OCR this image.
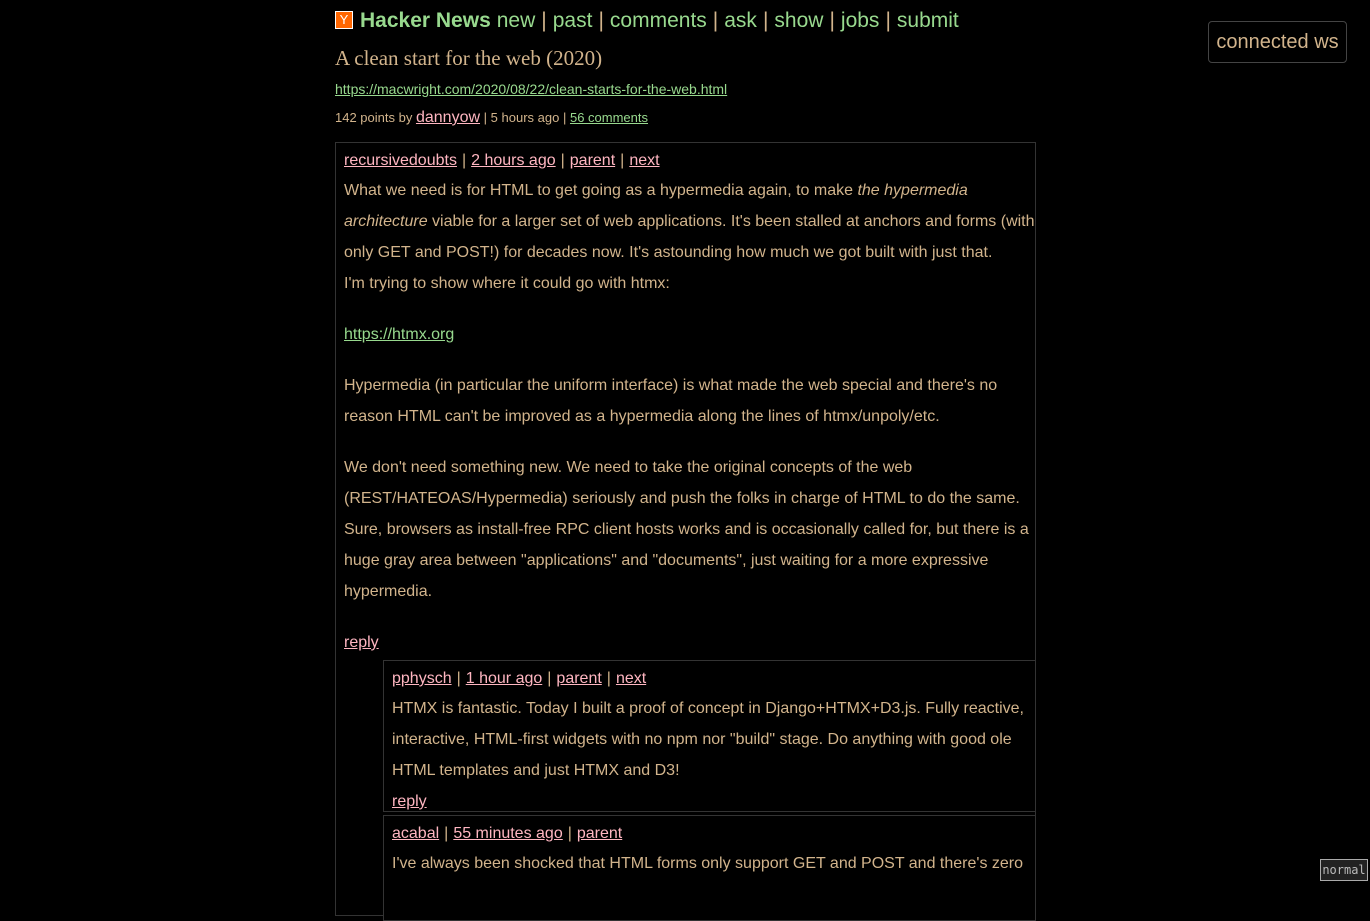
Y Hacker News new | past | comments | ask | show | jobs | submit
A clean start for the web (2020)
https://macwright.com/2020/08/22/clean-starts-for-the-web.html
142 points by dannyow | 5 hours ago | 56 comments
recursivedoubts | 2 hours ago | parent | next

What we need is for HTML to get going as a hypermedia again, to make the hypermedia architecture viable for a larger set of web applications. It's been stalled at anchors and forms (with only GET and POST!) for decades now. It's astounding how much we got built with just that.

I'm trying to show where it could go with htmx:

https://htmx.org

Hypermedia (in particular the uniform interface) is what made the web special and there's no reason HTML can't be improved as a hypermedia along the lines of htmx/unpoly/etc.

We don't need something new. We need to take the original concepts of the web (REST/HATEOAS/Hypermedia) seriously and push the folks in charge of HTML to do the same. Sure, browsers as install-free RPC client hosts works and is occasionally called for, but there is a huge gray area between "applications" and "documents", just waiting for a more expressive hypermedia.

reply
pphysch | 1 hour ago | parent | next

HTMX is fantastic. Today I built a proof of concept in Django+HTMX+D3.js. Fully reactive, interactive, HTML-first widgets with no npm nor "build" stage. Do anything with good ole HTML templates and just HTMX and D3!

reply
acabal | 55 minutes ago | parent

I've always been shocked that HTML forms only support GET and POST and there's zero

connected ws
normal
